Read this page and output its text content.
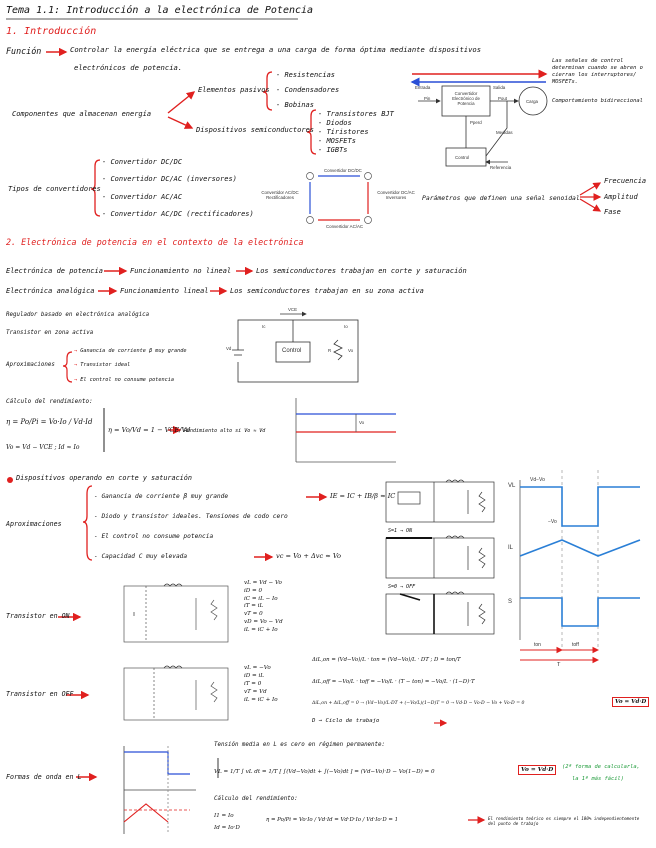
Tema 1.1: Introducción a la electrónica de Potencia
1. Introducción
Función	Controlar la energía eléctrica que se entrega a una carga de forma óptima mediante dispositivos
electrónicos de potencia.
Componentes que almacenan energía
Elementos pasivos
- Resistencias
- Condensadores
- Bobinas
Dispositivos semiconductores
- Transistores BJT
- Diodos
- Tiristores
- MOSFETs
- IGBTs
Tipos de convertidores
- Convertidor DC/DC
- Convertidor DC/AC (inversores)
- Convertidor AC/AC
- Convertidor AC/DC (rectificadores)
Entrada	Salida
Convertidor Electrónico de Potencia	Carga
Control
Medidas
Referencia
Pin	Pout
Pperd
Las señales de control determinan cuando se abren o cierran los interruptores/ MOSFETs.
Comportamiento bidireccional
Convertidor DC/DC
Convertidor AC/DC Rectificadores
Convertidor DC/AC Inversores
Convertidor AC/AC
Parámetros que definen una señal senoidal
Frecuencia
Amplitud
Fase
2. Electrónica de potencia en el contexto de la electrónica
Electrónica de potencia	Funcionamiento no lineal	Los semiconductores trabajan en corte y saturación
Electrónica analógica	Funcionamiento lineal	Los semiconductores trabajan en su zona activa
Regulador basado en electrónica analógica
Transistor en zona activa
Aproximaciones
→ Ganancia de corriente β muy grande
→ Transistor ideal
→ El control no consume potencia
Ic
VCE
Vd	Control
Io
R	Vo
Cálculo del rendimiento:
η = Po/Pi = Vo·Io / Vd·Id
Vo = Vd − VCE ; Id ≈ Io
η = Vo/Vd = 1 − VCE/Vd
Rendimiento alto si Vo ≈ Vd
Vo
Dispositivos operando en corte y saturación
Aproximaciones
- Ganancia de corriente β muy grande	IE = IC + IB/β ≈ IC
- Diodo y transistor ideales. Tensiones de codo cero
- El control no consume potencia
- Capacidad C muy elevada	vc = Vo + Δvc ≈ Vo
S=1 → ON
S=0 → OFF
VL
IL
S
Vd−Vo
−Vo
ton	toff
T
Transistor en ON
vL = Vd − Vo
iD = 0
iC = iL − Io
iT = iL
vT = 0
vD = Vo − Vd
iL = iC + Io
Transistor en OFF
vL = −Vo
iD = iL
iT = 0
vT = Vd
iL = iC + Io
ΔiL,on = (Vd−Vo)/L · ton = (Vd−Vo)/L · DT ; D = ton/T
ΔiL,off = −Vo/L · toff = −Vo/L · (T − ton) = −Vo/L · (1−D)·T
ΔiL,on + ΔiL,off = 0 → (Vd−Vo)/L·DT + (−Vo/L)(1−D)T = 0 → Vd·D − Vo·D − Vo + Vo·D = 0	Vo = Vd·D
D → Ciclo de trabajo
Formas de onda en L
Tensión media en L es cero en régimen permanente:
VL = 1/T ∫ vL dt = 1/T [ ∫(Vd−Vo)dt + ∫(−Vo)dt ] = (Vd−Vo)·D − Vo(1−D) = 0	Vo = Vd·D	(2ª forma de calcularla,
la 1ª más fácil)
Cálculo del rendimiento:
I1 = Io
Id = Io·D
η = Po/Pi = Vo·Io / Vd·Id = Vd·D·Io / Vd·Io·D = 1	El rendimiento teórico es siempre el 100% independientemente del punto de trabajo
